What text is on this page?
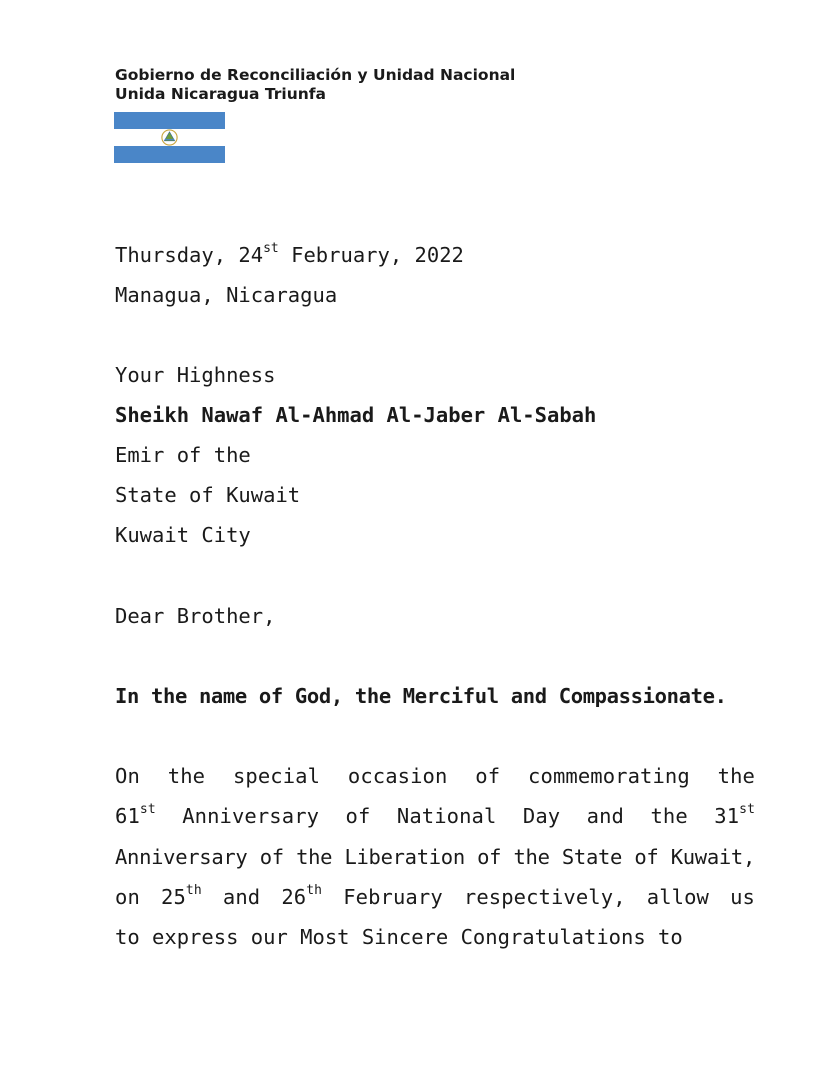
Gobierno de Reconciliación y Unidad Nacional
Unida Nicaragua Triunfa
Thursday, 24st February, 2022
Managua, Nicaragua
Your Highness
Sheikh Nawaf Al-Ahmad Al-Jaber Al-Sabah
Emir of the
State of Kuwait
Kuwait City
Dear Brother,
In the name of God, the Merciful and Compassionate.
On the special occasion of commemorating the
61st Anniversary of National Day and the 31st
Anniversary of the Liberation of the State of Kuwait,
on 25th and 26th February respectively, allow us
to express our Most Sincere Congratulations to
